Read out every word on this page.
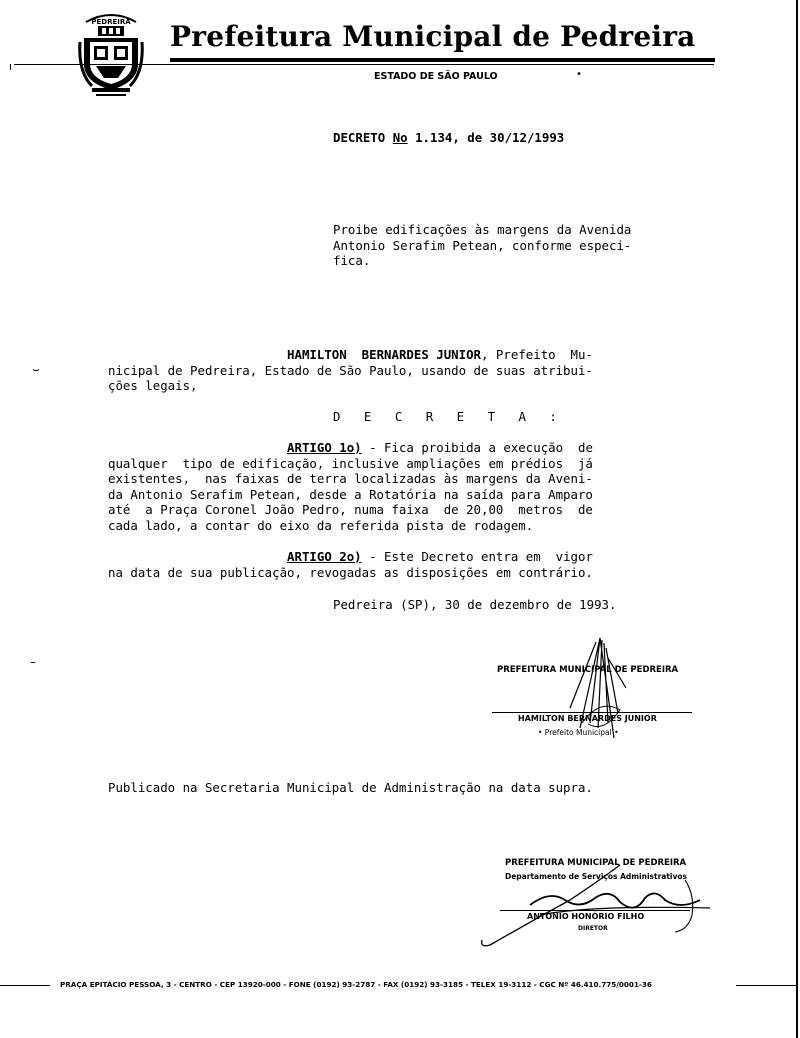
PEDREIRA Prefeitura Municipal de Pedreira
ESTADO DE SÃO PAULO	•
DECRETO No 1.134, de 30/12/1993
Proibe edificações às margens da Avenida
Antonio Serafim Petean, conforme especi-
fica.
HAMILTON  BERNARDES JUNIOR, Prefeito  Mu-
nicipal de Pedreira, Estado de São Paulo, usando de suas atribui-
ções legais,
D E C R E T A :
ARTIGO 1o) - Fica proibida a execução  de
qualquer  tipo de edificação, inclusive ampliações em prédios  já
existentes,  nas faixas de terra localizadas às margens da Aveni-
da Antonio Serafim Petean, desde a Rotatória na saída para Amparo
até  a Praça Coronel João Pedro, numa faixa  de 20,00  metros  de
cada lado, a contar do eixo da referida pista de rodagem.
ARTIGO 2o) - Este Decreto entra em  vigor
na data de sua publicação, revogadas as disposições em contrário.
Pedreira (SP), 30 de dezembro de 1993.
⌣
–
PREFEITURA MUNICIPAL DE PEDREIRA
HAMILTON BERNARDES JUNIOR
• Prefeito Municipal •
Publicado na Secretaria Municipal de Administração na data supra.
PREFEITURA MUNICIPAL DE PEDREIRA
Departamento de Serviços Administrativos
ANTONIO HONÓRIO FILHO
DIRETOR
PRAÇA EPITÁCIO PESSOA, 3 - CENTRO - CEP 13920-000 - FONE (0192) 93-2787 - FAX (0192) 93-3185 - TELEX 19-3112 - CGC Nº 46.410.775/0001-36
